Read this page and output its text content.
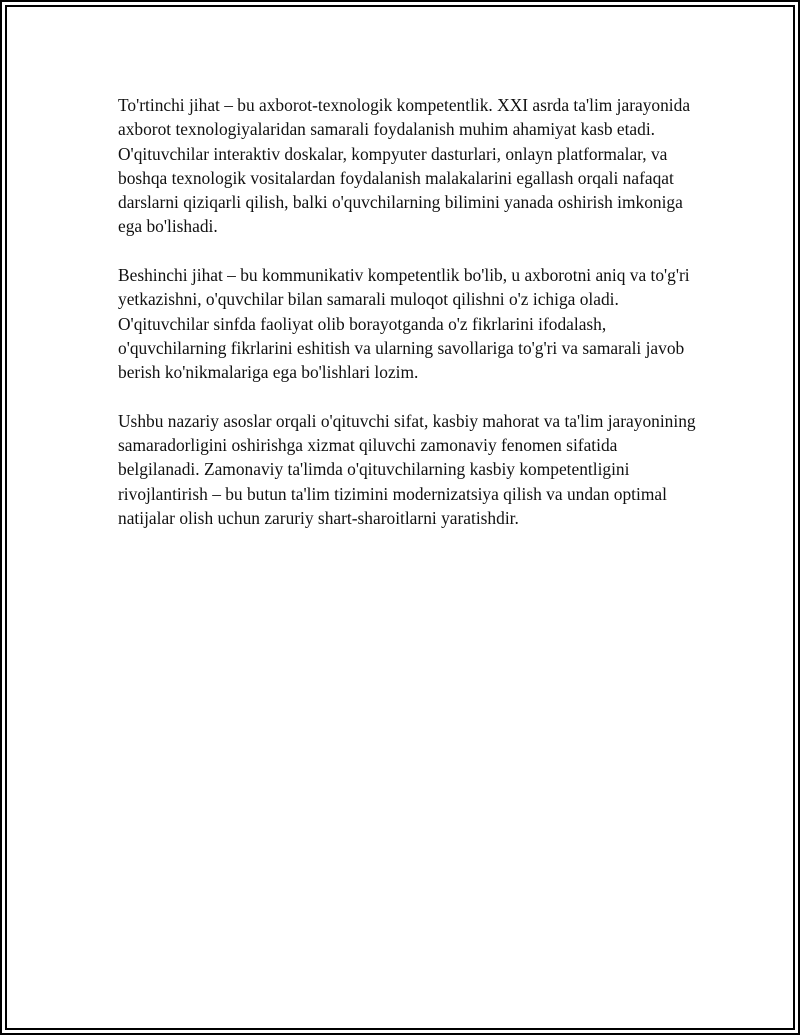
To'rtinchi jihat – bu axborot-texnologik kompetentlik. XXI asrda ta'lim jarayonida axborot texnologiyalaridan samarali foydalanish muhim ahamiyat kasb etadi. O'qituvchilar interaktiv doskalar, kompyuter dasturlari, onlayn platformalar, va boshqa texnologik vositalardan foydalanish malakalarini egallash orqali nafaqat darslarni qiziqarli qilish, balki o'quvchilarning bilimini yanada oshirish imkoniga ega bo'lishadi.

Beshinchi jihat – bu kommunikativ kompetentlik bo'lib, u axborotni aniq va to'g'ri yetkazishni, o'quvchilar bilan samarali muloqot qilishni o'z ichiga oladi. O'qituvchilar sinfda faoliyat olib borayotganda o'z fikrlarini ifodalash, o'quvchilarning fikrlarini eshitish va ularning savollariga to'g'ri va samarali javob berish ko'nikmalariga ega bo'lishlari lozim.

Ushbu nazariy asoslar orqali o'qituvchi sifat, kasbiy mahorat va ta'lim jarayonining samaradorligini oshirishga xizmat qiluvchi zamonaviy fenomen sifatida belgilanadi. Zamonaviy ta'limda o'qituvchilarning kasbiy kompetentligini rivojlantirish – bu butun ta'lim tizimini modernizatsiya qilish va undan optimal natijalar olish uchun zaruriy shart-sharoitlarni yaratishdir.
